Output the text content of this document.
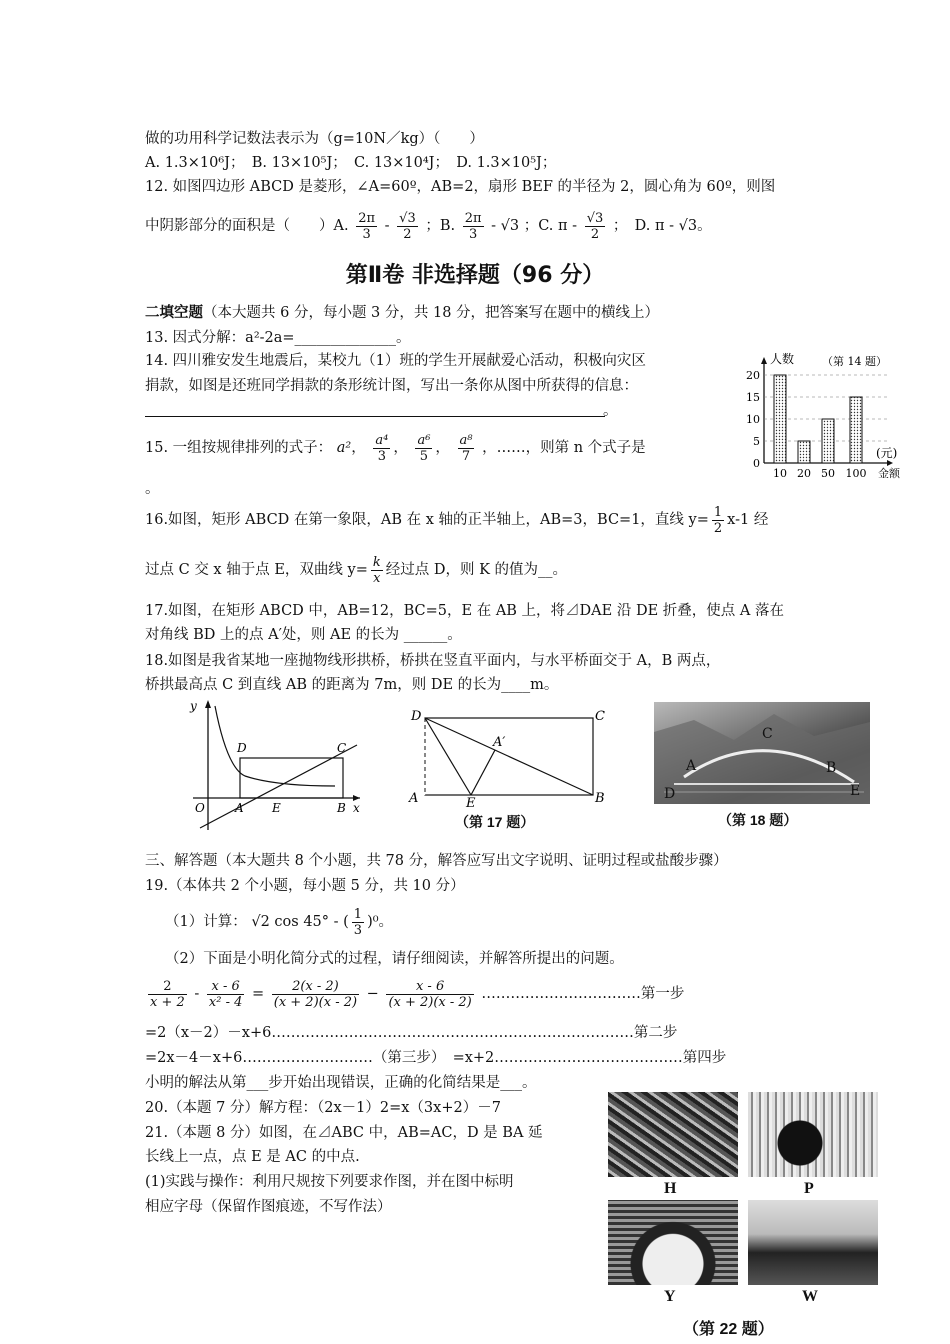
做的功用科学记数法表示为（g=10N／kg）（　　）
A. 1.3×10⁶J；　B. 13×10⁵J；　C. 13×10⁴J；　D. 1.3×10⁵J；
12. 如图四边形 ABCD 是菱形，∠A=60º，AB=2，扇形 BEF 的半径为 2，圆心角为 60º，则图
中阴影部分的面积是（　　）A. $\frac{2\pi}{3} - \frac{√3}{2}$ ；B. $\frac{2\pi}{3} - √3$ ；C. π - $\frac{√3}{2}$ ；　D. π - √3。
第Ⅱ卷 非选择题（96 分）
二填空题（本大题共 6 分，每小题 3 分，共 18 分，把答案写在题中的横线上）
13. 因式分解：a²-2a=______________。
14. 四川雅安发生地震后，某校九（1）班的学生开展献爱心活动，积极向灾区
捐款，如图是还班同学捐款的条形统计图，写出一条你从图中所获得的信息：
。
15. 一组按规律排列的式子： a²， $\frac{\text{a⁴}}{3}$ ， $\frac{\text{a⁶}}{5}$ ， $\frac{\text{a⁸}}{7}$ ，……，则第 n 个式子是
。
0
5
10
15
20
10 20 50 100
人数	（第 14 题）
(元)
金额
16.如图，矩形 ABCD 在第一象限，AB 在 x 轴的正半轴上，AB=3，BC=1，直线 $y= \frac{1}{2} x-1$ 经
过点 C 交 x 轴于点 E，双曲线 $y= \frac{k}{x}$ 经过点 D，则 K 的值为__。
17.如图，在矩形 ABCD 中，AB=12，BC=5，E 在 AB 上，将⊿DAE 沿 DE 折叠，使点 A 落在
对角线 BD 上的点 A′处，则 AE 的长为 ______。
18.如图是我省某地一座抛物线形拱桥，桥拱在竖直平面内，与水平桥面交于 A，B 两点，
桥拱最高点 C 到直线 AB 的距离为 7m，则 DE 的长为____m。
y
x
O	A E	B
D	C
D	C
A′
A	E	B
（第 17 题）
C
A	B
D	E
（第 18 题）
三、解答题（本大题共 8 个小题，共 78 分，解答应写出文字说明、证明过程或盐酸步骤）
19.（本体共 2 个小题，每小题 5 分，共 10 分）
（1）计算： √2 cos 45° - ( $\frac{1}{3} )^0$。
（2）下面是小明化简分式的过程，请仔细阅读，并解答所提出的问题。
$\frac{2}{x + 2} - \frac{x - 6}{\text{x² - 4}} = \frac{2(x - 2)}{(x + 2)(x - 2)} - \frac{x - 6}{(x + 2)(x - 2)}$ ……………………………第一步
=2（x－2）－x+6…………………………………………………………………第二步
=2x－4－x+6………………………（第三步）　=x+2…………………………………第四步
小明的解法从第___步开始出现错误，正确的化简结果是___。
20.（本题 7 分）解方程：（2x－1）2=x（3x+2）－7
21.（本题 8 分）如图，在⊿ABC 中，AB=AC，D 是 BA 延
长线上一点，点 E 是 AC 的中点.
(1)实践与操作：利用尺规按下列要求作图，并在图中标明
相应字母（保留作图痕迹，不写作法）
H	P
Y	W
（第 22 题）
